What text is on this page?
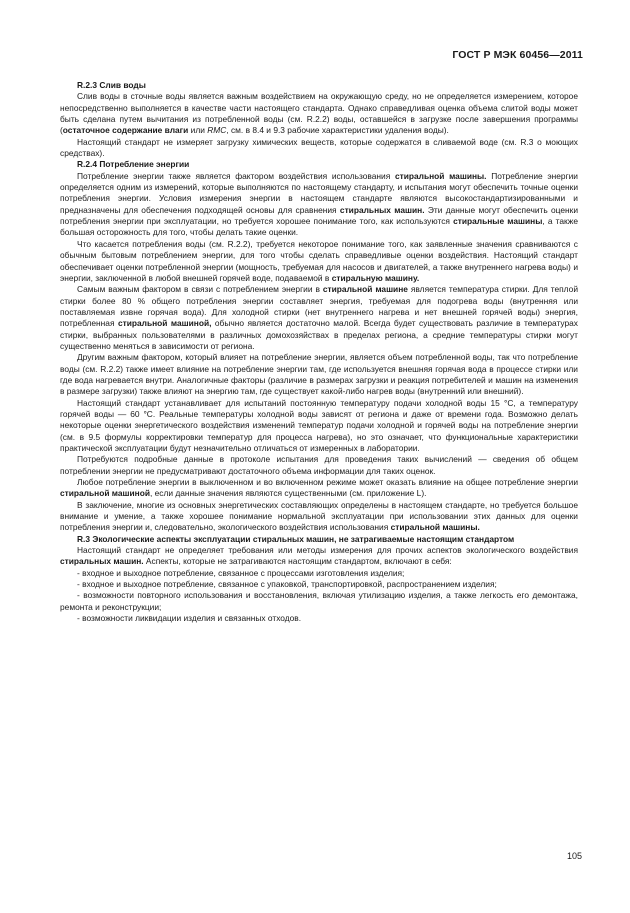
ГОСТ Р МЭК 60456—2011
R.2.3 Слив воды

Слив воды в сточные воды является важным воздействием на окружающую среду, но не определяется измерением, которое непосредственно выполняется в качестве части настоящего стандарта. Однако справедливая оценка объема слитой воды может быть сделана путем вычитания из потребленной воды (см. R.2.2) воды, оставшейся в загрузке после завершения программы (остаточное содержание влаги или RMC, см. в 8.4 и 9.3 рабочие характеристики удаления воды).

Настоящий стандарт не измеряет загрузку химических веществ, которые содержатся в сливаемой воде (см. R.3 о моющих средствах).

R.2.4 Потребление энергии

Потребление энергии также является фактором воздействия использования стиральной машины. Потребление энергии определяется одним из измерений, которые выполняются по настоящему стандарту, и испытания могут обеспечить точные оценки потребления энергии. Условия измерения энергии в настоящем стандарте являются высокостандартизированными и предназначены для обеспечения подходящей основы для сравнения стиральных машин. Эти данные могут обеспечить оценки потребления энергии при эксплуатации, но требуется хорошее понимание того, как используются стиральные машины, а также большая осторожность для того, чтобы делать такие оценки.

Что касается потребления воды (см. R.2.2), требуется некоторое понимание того, как заявленные значения сравниваются с обычным бытовым потреблением энергии, для того чтобы сделать справедливые оценки воздействия. Настоящий стандарт обеспечивает оценки потребленной энергии (мощность, требуемая для насосов и двигателей, а также внутреннего нагрева воды) и энергии, заключенной в любой внешней горячей воде, подаваемой в стиральную машину.

Самым важным фактором в связи с потреблением энергии в стиральной машине является температура стирки. Для теплой стирки более 80 % общего потребления энергии составляет энергия, требуемая для подогрева воды (внутренняя или поставляемая извне горячая вода). Для холодной стирки (нет внутреннего нагрева и нет внешней горячей воды) энергия, потребленная стиральной машиной, обычно является достаточно малой. Всегда будет существовать различие в температурах стирки, выбранных пользователями в различных домохозяйствах в пределах региона, а средние температуры стирки могут существенно меняться в зависимости от региона.

Другим важным фактором, который влияет на потребление энергии, является объем потребленной воды, так что потребление воды (см. R.2.2) также имеет влияние на потребление энергии там, где используется внешняя горячая вода в процессе стирки или где вода нагревается внутри. Аналогичные факторы (различие в размерах загрузки и реакция потребителей и машин на изменения в размере загрузки) также влияют на энергию там, где существует какой-либо нагрев воды (внутренний или внешний).

Настоящий стандарт устанавливает для испытаний постоянную температуру подачи холодной воды 15 °С, а температуру горячей воды — 60 °С. Реальные температуры холодной воды зависят от региона и даже от времени года. Возможно делать некоторые оценки энергетического воздействия изменений температур подачи холодной и горячей воды на потребление энергии (см. в 9.5 формулы корректировки температур для процесса нагрева), но это означает, что функциональные характеристики практической эксплуатации будут незначительно отличаться от измеренных в лаборатории.

Потребуются подробные данные в протоколе испытания для проведения таких вычислений — сведения об общем потреблении энергии не предусматривают достаточного объема информации для таких оценок.

Любое потребление энергии в выключенном и во включенном режиме может оказать влияние на общее потребление энергии стиральной машиной, если данные значения являются существенными (см. приложение L).

В заключение, многие из основных энергетических составляющих определены в настоящем стандарте, но требуется большое внимание и умение, а также хорошее понимание нормальной эксплуатации при использовании этих данных для оценки потребления энергии и, следовательно, экологического воздействия использования стиральной машины.

R.3 Экологические аспекты эксплуатации стиральных машин, не затрагиваемые настоящим стандартом

Настоящий стандарт не определяет требования или методы измерения для прочих аспектов экологического воздействия стиральных машин. Аспекты, которые не затрагиваются настоящим стандартом, включают в себя:

- входное и выходное потребление, связанное с процессами изготовления изделия;
- входное и выходное потребление, связанное с упаковкой, транспортировкой, распространением изделия;
- возможности повторного использования и восстановления, включая утилизацию изделия, а также легкость его демонтажа, ремонта и реконструкции;
- возможности ликвидации изделия и связанных отходов.
105
